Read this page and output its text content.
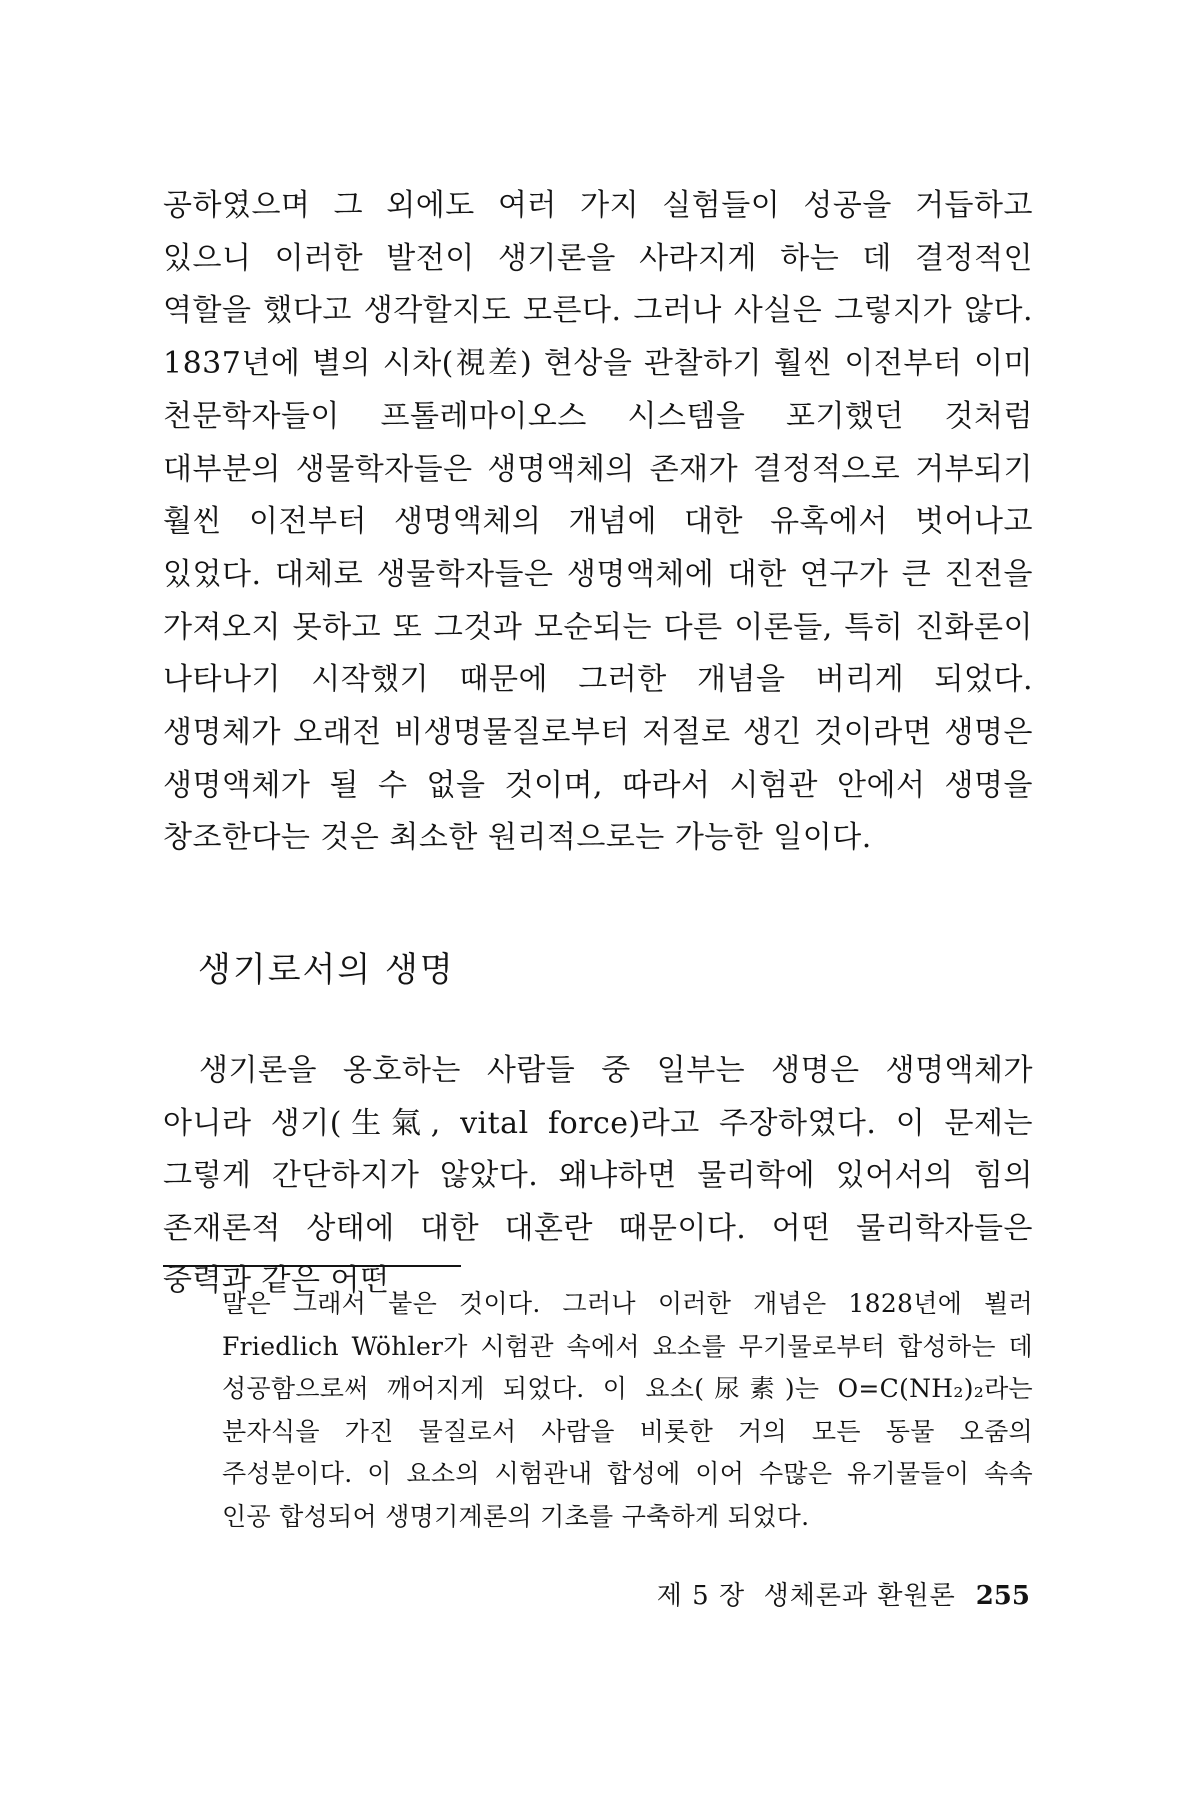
공하였으며 그 외에도 여러 가지 실험들이 성공을 거듭하고 있으니 이러한 발전이 생기론을 사라지게 하는 데 결정적인 역할을 했다고 생각할지도 모른다. 그러나 사실은 그렇지가 않다. 1837년에 별의 시차(視差) 현상을 관찰하기 훨씬 이전부터 이미 천문학자들이 프톨레마이오스 시스템을 포기했던 것처럼 대부분의 생물학자들은 생명액체의 존재가 결정적으로 거부되기 훨씬 이전부터 생명액체의 개념에 대한 유혹에서 벗어나고 있었다. 대체로 생물학자들은 생명액체에 대한 연구가 큰 진전을 가져오지 못하고 또 그것과 모순되는 다른 이론들, 특히 진화론이 나타나기 시작했기 때문에 그러한 개념을 버리게 되었다. 생명체가 오래전 비생명물질로부터 저절로 생긴 것이라면 생명은 생명액체가 될 수 없을 것이며, 따라서 시험관 안에서 생명을 창조한다는 것은 최소한 원리적으로는 가능한 일이다.

생기로서의 생명

생기론을 옹호하는 사람들 중 일부는 생명은 생명액체가 아니라 생기(生氣, vital force)라고 주장하였다. 이 문제는 그렇게 간단하지가 않았다. 왜냐하면 물리학에 있어서의 힘의 존재론적 상태에 대한 대혼란 때문이다. 어떤 물리학자들은 중력과 같은 어떤

말은 그래서 붙은 것이다. 그러나 이러한 개념은 1828년에 뵐러 Friedlich Wöhler가 시험관 속에서 요소를 무기물로부터 합성하는 데 성공함으로써 깨어지게 되었다. 이 요소(尿素)는 O=C(NH₂)₂라는 분자식을 가진 물질로서 사람을 비롯한 거의 모든 동물 오줌의 주성분이다. 이 요소의 시험관내 합성에 이어 수많은 유기물들이 속속 인공 합성되어 생명기계론의 기초를 구축하게 되었다.

제 5 장  생체론과 환원론 255
